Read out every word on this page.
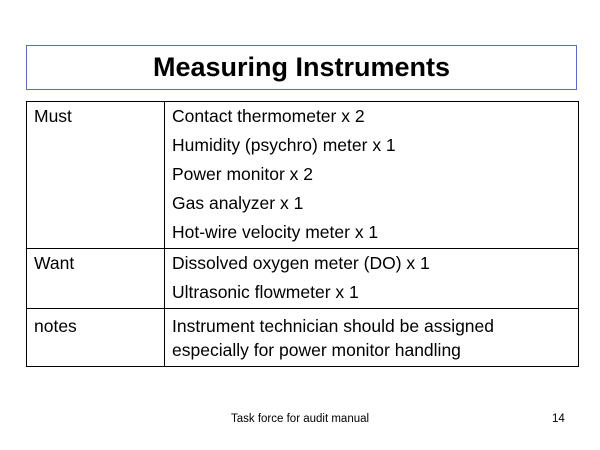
Measuring Instruments
Must	Contact thermometer x 2
Humidity (psychro) meter x 1
Power monitor x 2
Gas analyzer x 1
Hot-wire velocity meter x 1

Want	Dissolved oxygen meter (DO) x 1
Ultrasonic flowmeter x 1

notes	Instrument technician should be assigned
especially for power monitor handling
Task force for audit manual	14
